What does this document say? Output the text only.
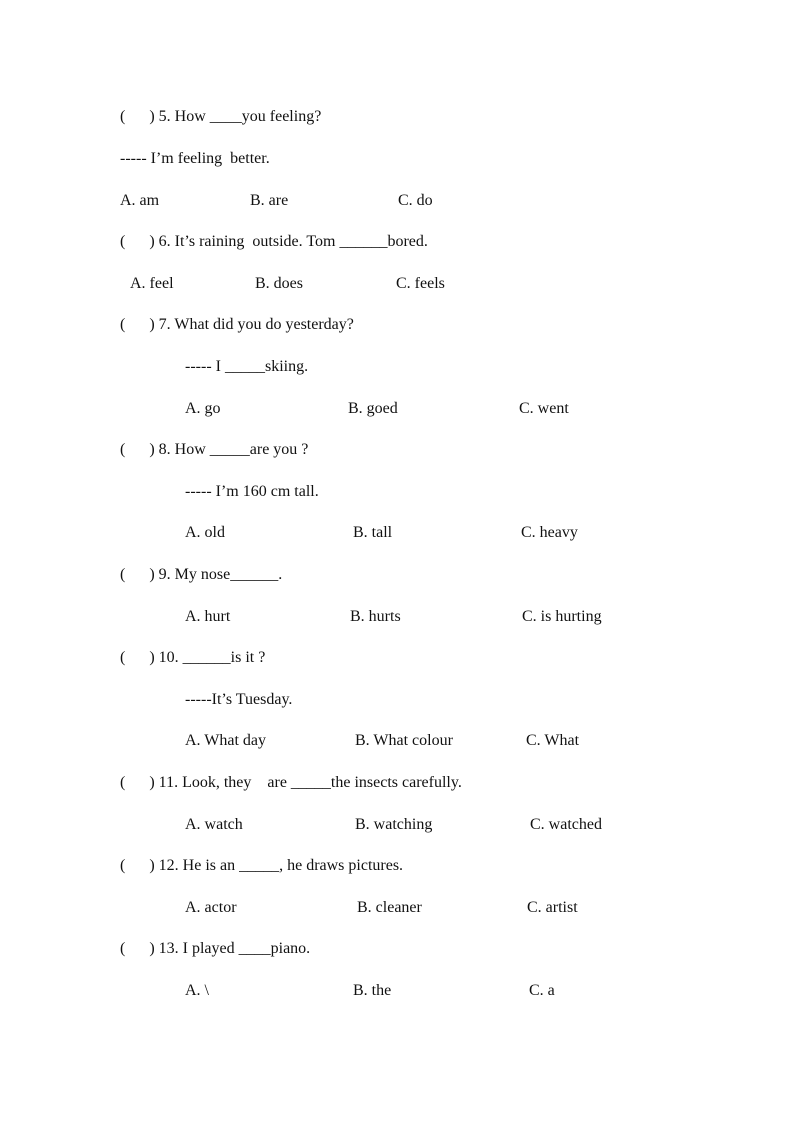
(      ) 5. How ____you feeling?
----- I’m feeling  better.
A. am	B. are	C. do
(      ) 6. It’s raining  outside. Tom ______bored.
A. feel	B. does	C. feels
(      ) 7. What did you do yesterday?
----- I _____skiing.
A. go	B. goed	C. went
(      ) 8. How _____are you ?
----- I’m 160 cm tall.
A. old	B. tall	C. heavy
(      ) 9. My nose______.
A. hurt	B. hurts	C. is hurting
(      ) 10. ______is it ?
-----It’s Tuesday.
A. What day	B. What colour	C. What
(      ) 11. Look, they    are _____the insects carefully.
A. watch	B. watching	C. watched
(      ) 12. He is an _____, he draws pictures.
A. actor	B. cleaner	C. artist
(      ) 13. I played ____piano.
A. \	B. the	C. a
